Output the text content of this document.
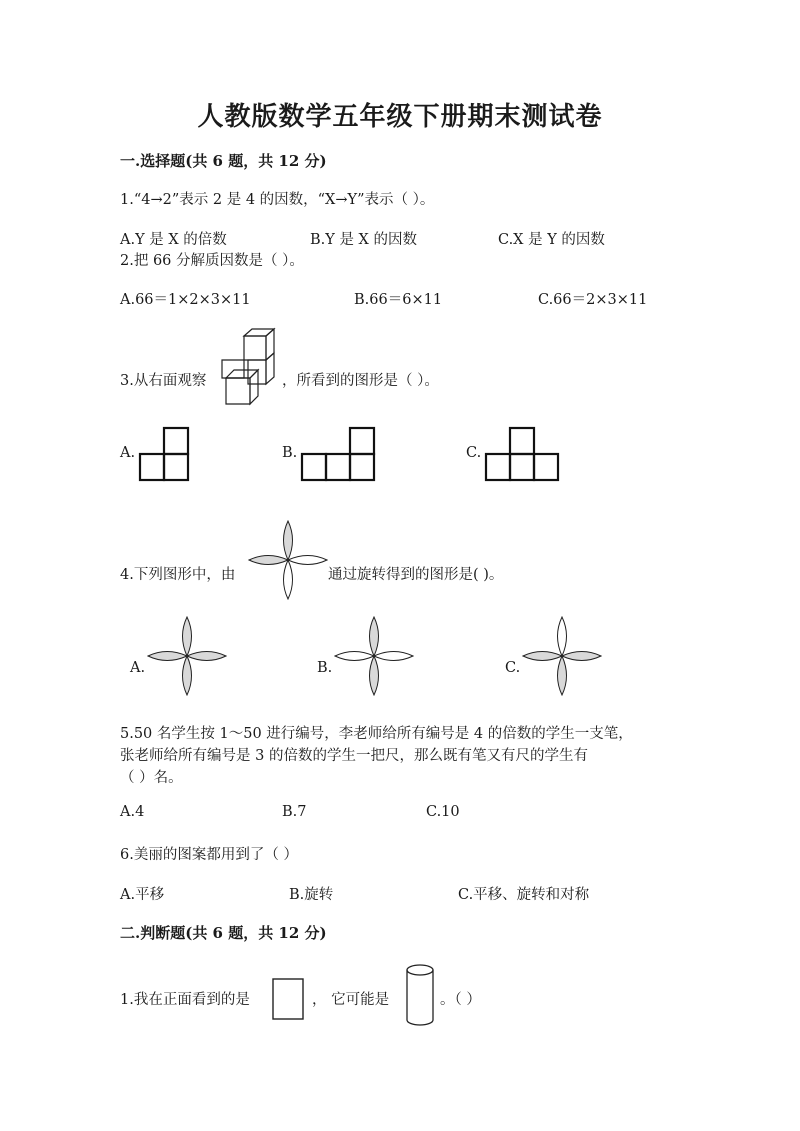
人教版数学五年级下册期末测试卷
一.选择题(共 6 题，共 12 分)
1.“4→2”表示 2 是 4 的因数，“X→Y”表示（ ）。
A.Y 是 X 的倍数	B.Y 是 X 的因数	C.X 是 Y 的因数
2.把 66 分解质因数是（ ）。
A.66＝1×2×3×11	B.66＝6×11	C.66＝2×3×11
3.从右面观察	，所看到的图形是（ ）。
A.	B.	C.
4.下列图形中，由	通过旋转得到的图形是( )。
A.	B.	C.
5.50 名学生按 1～50 进行编号，李老师给所有编号是 4 的倍数的学生一支笔，
张老师给所有编号是 3 的倍数的学生一把尺，那么既有笔又有尺的学生有
（ ）名。
A.4	B.7	C.10
6.美丽的图案都用到了（ ）
A.平移	B.旋转	C.平移、旋转和对称
二.判断题(共 6 题，共 12 分)
1.我在正面看到的是	， 它可能是	。（ ）
